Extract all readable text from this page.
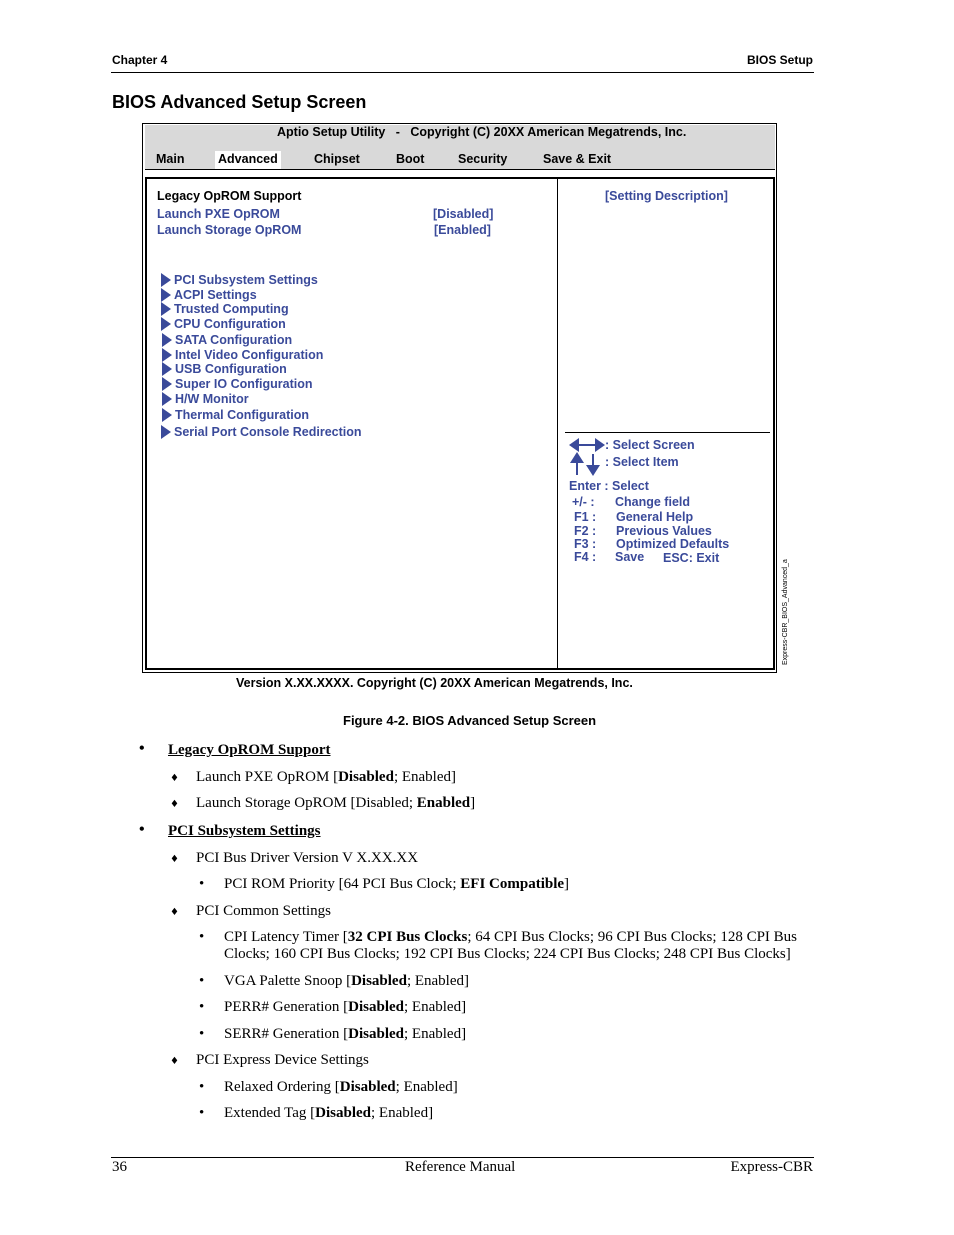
Chapter 4	BIOS Setup
BIOS Advanced Setup Screen
Aptio Setup Utility - Copyright (C) 20XX American Megatrends, Inc.
Main	Advanced	Chipset	Boot	Security	Save & Exit
Legacy OpROM Support
Launch PXE OpROM	[Disabled]
Launch Storage OpROM	[Enabled]
PCI Subsystem Settings
ACPI Settings
Trusted Computing
CPU Configuration
SATA Configuration
Intel Video Configuration
USB Configuration
Super IO Configuration
H/W Monitor
Thermal Configuration
Serial Port Console Redirection
[Setting Description]
: Select Screen
: Select Item
Enter : Select
+/- : Change field
F1 : General Help
F2 : Previous Values
F3 : Optimized Defaults
F4 : Save ESC: Exit
Express-CBR_BIOS_Advanced_a
Version X.XX.XXXX. Copyright (C) 20XX American Megatrends, Inc.
Figure 4-2. BIOS Advanced Setup Screen
• Legacy OpROM Support
♦ Launch PXE OpROM [Disabled; Enabled]
♦ Launch Storage OpROM [Disabled; Enabled]
• PCI Subsystem Settings
♦ PCI Bus Driver Version V X.XX.XX
• PCI ROM Priority [64 PCI Bus Clock; EFI Compatible]
♦ PCI Common Settings
• CPI Latency Timer [32 CPI Bus Clocks; 64 CPI Bus Clocks; 96 CPI Bus Clocks; 128 CPI Bus
Clocks; 160 CPI Bus Clocks; 192 CPI Bus Clocks; 224 CPI Bus Clocks; 248 CPI Bus Clocks]
• VGA Palette Snoop [Disabled; Enabled]
• PERR# Generation [Disabled; Enabled]
• SERR# Generation [Disabled; Enabled]
♦ PCI Express Device Settings
• Relaxed Ordering [Disabled; Enabled]
• Extended Tag [Disabled; Enabled]
36	Reference Manual	Express-CBR
